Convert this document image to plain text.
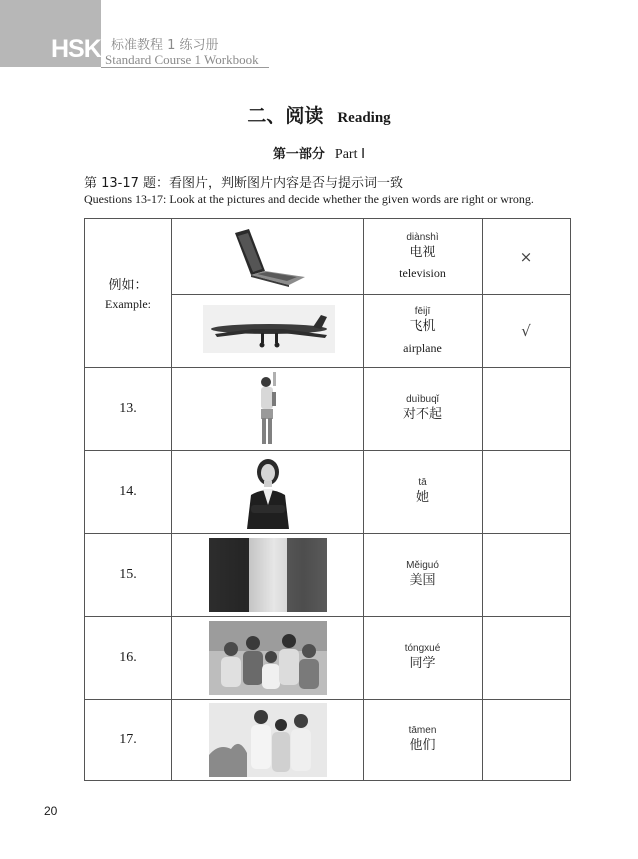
HSK 标准教程 1 练习册
Standard Course 1 Workbook
二、阅读 Reading
第一部分 Part Ⅰ
第 13-17 题：看图片，判断图片内容是否与提示词一致
Questions 13-17: Look at the pictures and decide whether the given words are right or wrong.
例如：
Example:
diànshì
电视
television
×
fēijī
飞机
airplane
√
13.
duìbuqǐ
对不起
14.
tā
她
15.
Měiguó
美国
16.
tóngxué
同学
17.
tāmen
他们
20
